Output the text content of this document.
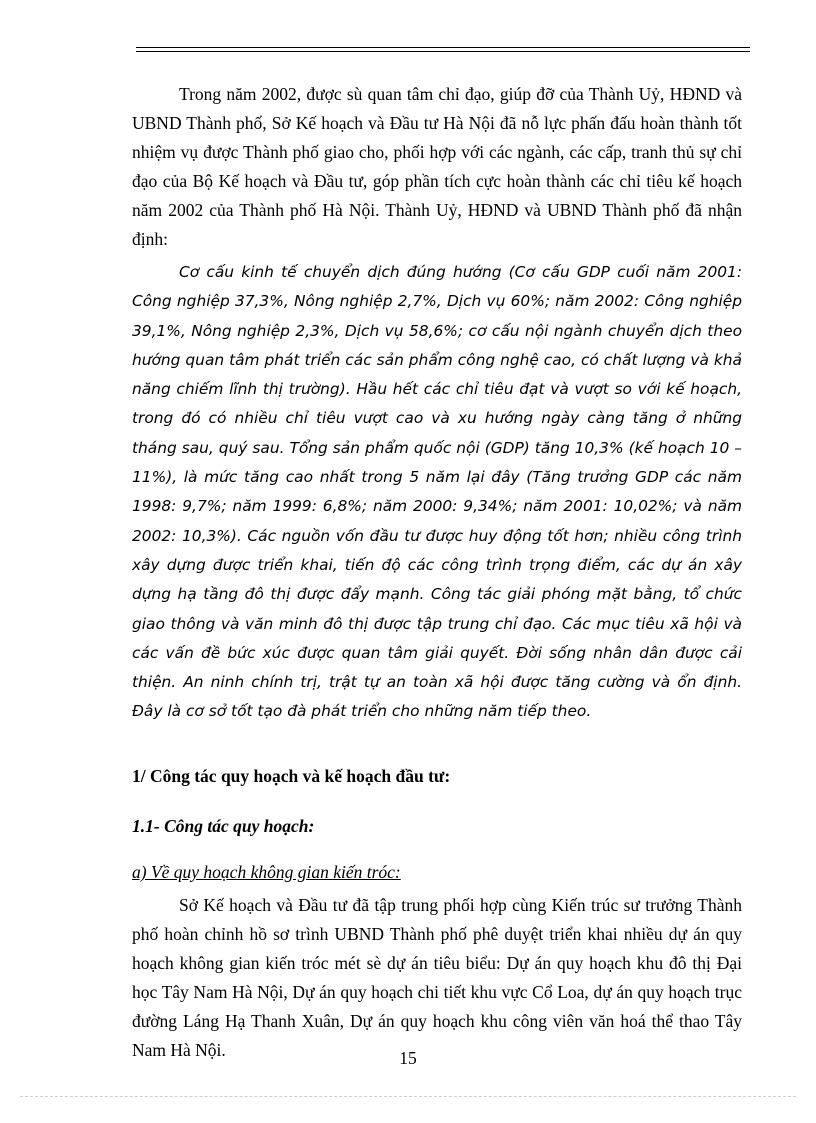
Trong năm 2002, được sù quan tâm chỉ đạo, giúp đỡ của Thành Uỷ, HĐND và UBND Thành phố, Sở Kế hoạch và Đầu tư Hà Nội đã nỗ lực phấn đấu hoàn thành tốt nhiệm vụ được Thành phố giao cho, phối hợp với các ngành, các cấp, tranh thủ sự chỉ đạo của Bộ Kế hoạch và Đầu tư, góp phần tích cực hoàn thành các chỉ tiêu kế hoạch năm 2002 của Thành phố Hà Nội. Thành Uỷ, HĐND và UBND Thành phố đã nhận định:

Cơ cấu kinh tế chuyển dịch đúng hướng (Cơ cấu GDP cuối năm 2001: Công nghiệp 37,3%, Nông nghiệp 2,7%, Dịch vụ 60%; năm 2002: Công nghiệp 39,1%, Nông nghiệp 2,3%, Dịch vụ 58,6%; cơ cấu nội ngành chuyển dịch theo hướng quan tâm phát triển các sản phẩm công nghệ cao, có chất lượng và khả năng chiếm lĩnh thị trường). Hầu hết các chỉ tiêu đạt và vượt so với kế hoạch, trong đó có nhiều chỉ tiêu vượt cao và xu hướng ngày càng tăng ở những tháng sau, quý sau. Tổng sản phẩm quốc nội (GDP) tăng 10,3% (kế hoạch 10 – 11%), là mức tăng cao nhất trong 5 năm lại đây (Tăng trưởng GDP các năm 1998: 9,7%; năm 1999: 6,8%; năm 2000: 9,34%; năm 2001: 10,02%; và năm 2002: 10,3%). Các nguồn vốn đầu tư được huy động tốt hơn; nhiều công trình xây dựng được triển khai, tiến độ các công trình trọng điểm, các dự án xây dựng hạ tầng đô thị được đẩy mạnh. Công tác giải phóng mặt bằng, tổ chức giao thông và văn minh đô thị được tập trung chỉ đạo. Các mục tiêu xã hội và các vấn đề bức xúc được quan tâm giải quyết. Đời sống nhân dân được cải thiện. An ninh chính trị, trật tự an toàn xã hội được tăng cường và ổn định. Đây là cơ sở tốt tạo đà phát triển cho những năm tiếp theo.

1/ Công tác quy hoạch và kế hoạch đầu tư:

1.1- Công tác quy hoạch:

a) Về quy hoạch không gian kiến tróc:

Sở Kế hoạch và Đầu tư đã tập trung phối hợp cùng Kiến trúc sư trưởng Thành phố hoàn chỉnh hồ sơ trình UBND Thành phố phê duyệt triển khai nhiều dự án quy hoạch không gian kiến tróc mét sè dự án tiêu biểu: Dự án quy hoạch khu đô thị Đại học Tây Nam Hà Nội, Dự án quy hoạch chi tiết khu vực Cổ Loa, dự án quy hoạch trục đường Láng Hạ Thanh Xuân, Dự án quy hoạch khu công viên văn hoá thể thao Tây Nam Hà Nội.	15
